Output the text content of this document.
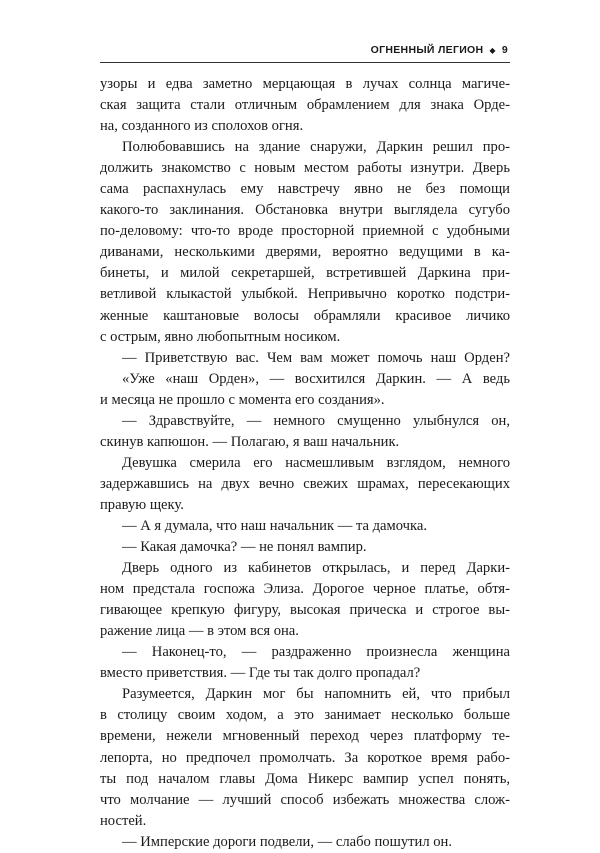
ОГНЕННЫЙ ЛЕГИОН ◆ 9
узоры и едва заметно мерцающая в лучах солнца магиче-
ская защита стали отличным обрамлением для знака Орде-
на, созданного из сполохов огня.
Полюбовавшись на здание снаружи, Даркин решил про-
должить знакомство с новым местом работы изнутри. Дверь
сама распахнулась ему навстречу явно не без помощи
какого-то заклинания. Обстановка внутри выглядела сугубо
по-деловому: что-то вроде просторной приемной с удобными
диванами, несколькими дверями, вероятно ведущими в ка-
бинеты, и милой секретаршей, встретившей Даркина при-
ветливой клыкастой улыбкой. Непривычно коротко подстри-
женные каштановые волосы обрамляли красивое личико
с острым, явно любопытным носиком.
— Приветствую вас. Чем вам может помочь наш Орден?
«Уже «наш Орден», — восхитился Даркин. — А ведь
и месяца не прошло с момента его создания».
— Здравствуйте, — немного смущенно улыбнулся он,
скинув капюшон. — Полагаю, я ваш начальник.
Девушка смерила его насмешливым взглядом, немного
задержавшись на двух вечно свежих шрамах, пересекающих
правую щеку.
— А я думала, что наш начальник — та дамочка.
— Какая дамочка? — не понял вампир.
Дверь одного из кабинетов открылась, и перед Дарки-
ном предстала госпожа Элиза. Дорогое черное платье, обтя-
гивающее крепкую фигуру, высокая прическа и строгое вы-
ражение лица — в этом вся она.
— Наконец-то, — раздраженно произнесла женщина
вместо приветствия. — Где ты так долго пропадал?
Разумеется, Даркин мог бы напомнить ей, что прибыл
в столицу своим ходом, а это занимает несколько больше
времени, нежели мгновенный переход через платформу те-
лепорта, но предпочел промолчать. За короткое время рабо-
ты под началом главы Дома Никерс вампир успел понять,
что молчание — лучший способ избежать множества слож-
ностей.
— Имперские дороги подвели, — слабо пошутил он.
